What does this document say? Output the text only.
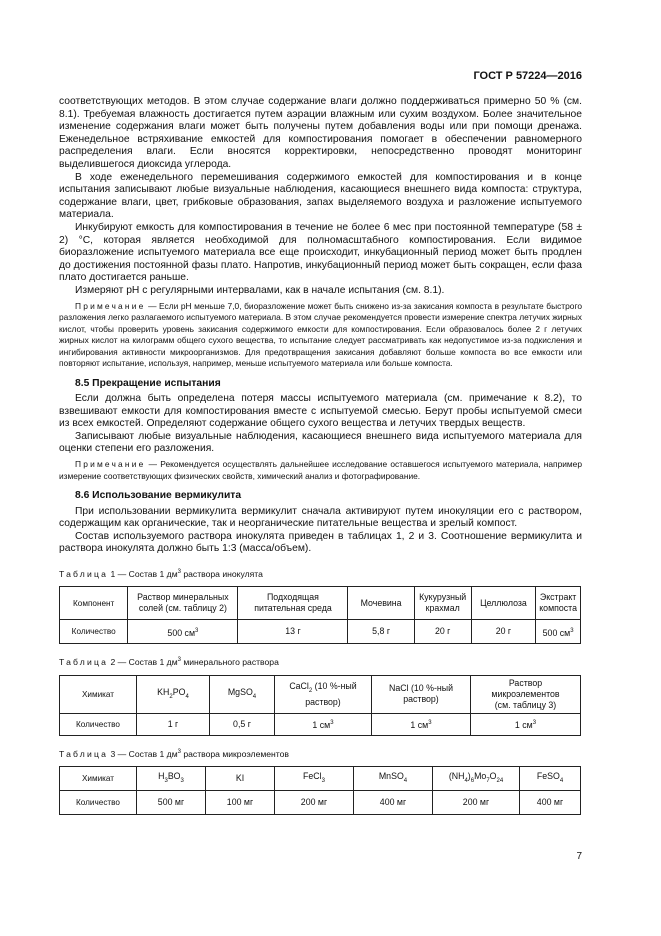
ГОСТ Р 57224—2016

соответствующих методов. В этом случае содержание влаги должно поддерживаться примерно 50 % (см. 8.1). Требуемая влажность достигается путем аэрации влажным или сухим воздухом. Более значительное изменение содержания влаги может быть получены путем добавления воды или при помощи дренажа. Еженедельное встряхивание емкостей для компостирования помогает в обеспечении равномерного распределения влаги. Если вносятся корректировки, непосредственно проводят мониторинг выделившегося диоксида углерода.

В ходе еженедельного перемешивания содержимого емкостей для компостирования и в конце испытания записывают любые визуальные наблюдения, касающиеся внешнего вида компоста: структура, содержание влаги, цвет, грибковые образования, запах выделяемого воздуха и разложение испытуемого материала.

Инкубируют емкость для компостирования в течение не более 6 мес при постоянной температуре (58 ± 2) °С, которая является необходимой для полномасштабного компостирования. Если видимое биоразложение испытуемого материала все еще происходит, инкубационный период может быть продлен до достижения постоянной фазы плато. Напротив, инкубационный период может быть сокращен, если фаза плато достигается раньше.

Измеряют pH с регулярными интервалами, как в начале испытания (см. 8.1).

Примечание — Если pH меньше 7,0, биоразложение может быть снижено из-за закисания компоста в результате быстрого разложения легко разлагаемого испытуемого материала. В этом случае рекомендуется провести измерение спектра летучих жирных кислот, чтобы проверить уровень закисания содержимого емкости для компостирования. Если образовалось более 2 г летучих жирных кислот на килограмм общего сухого вещества, то испытание следует рассматривать как недопустимое из-за подкисления и ингибирования активности микроорганизмов. Для предотвращения закисания добавляют больше компоста во все емкости или повторяют испытание, используя, например, меньше испытуемого материала или больше компоста.

8.5 Прекращение испытания

Если должна быть определена потеря массы испытуемого материала (см. примечание к 8.2), то взвешивают емкости для компостирования вместе с испытуемой смесью. Берут пробы испытуемой смеси из всех емкостей. Определяют содержание общего сухого вещества и летучих твердых веществ.

Записывают любые визуальные наблюдения, касающиеся внешнего вида испытуемого материала для оценки степени его разложения.

Примечание — Рекомендуется осуществлять дальнейшее исследование оставшегося испытуемого материала, например измерение соответствующих физических свойств, химический анализ и фотографирование.

8.6 Использование вермикулита

При использовании вермикулита вермикулит сначала активируют путем инокуляции его с раствором, содержащим как органические, так и неорганические питательные вещества и зрелый компост.

Состав используемого раствора инокулята приведен в таблицах 1, 2 и 3. Соотношение вермикулита и раствора инокулята должно быть 1:3 (масса/объем).

Таблица 1 — Состав 1 $дм^3$ раствора инокулята
Компонент	Раствор минеральных солей (см. таблицу 2)	Подходящая питательная среда	Мочевина	Кукурузный крахмал	Целлюлоза	Экстракт компоста
Количество	500 $см^3$	13 г	5,8 г	20 г	20 г	500 $см^3$
Таблица 2 — Состав 1 $дм^3$ минерального раствора
Химикат	$KH_2PO_4$	MgSO$_4$	CaCl$_2$ (10 %-ный
раствор)	NaCl (10 %-ный
раствор)	Раствор микроэлементов
(см. таблицу 3)
Количество	1 г	0,5 г	1 $см^3$	1 $см^3$	1 $см^3$
Таблица 3 — Состав 1 $дм^3$ раствора микроэлементов
Химикат	$H_3BO_3$	KI	FeCl$_3$	MnSO$_4$	$(NH_4)_6Mo_7O_{24}$	FeSO$_4$
Количество	500 мг	100 мг	200 мг	400 мг	200 мг	400 мг
7
